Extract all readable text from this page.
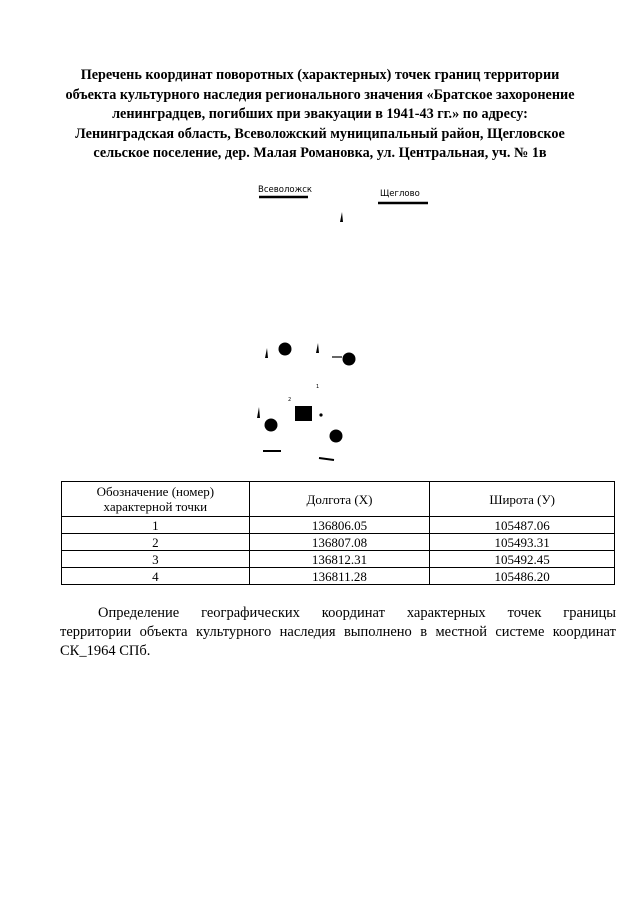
Перечень координат поворотных (характерных) точек границ территории
объекта культурного наследия регионального значения «Братское захоронение
ленинградцев, погибших при эвакуации в 1941-43 гг.» по адресу:
Ленинградская область, Всеволожский муниципальный район, Щегловское
сельское поселение, дер. Малая Романовка, ул. Центральная, уч. № 1в
Всеволожск	Щеглово
1
2
Обозначение (номер) характерной точки	Долгота (X)	Широта (У)
1	136806.05	105487.06
2	136807.08	105493.31
3	136812.31	105492.45
4	136811.28	105486.20

Определение географических координат характерных точек границы
территории объекта культурного наследия выполнено в местной системе координат
СК_1964 СПб.
